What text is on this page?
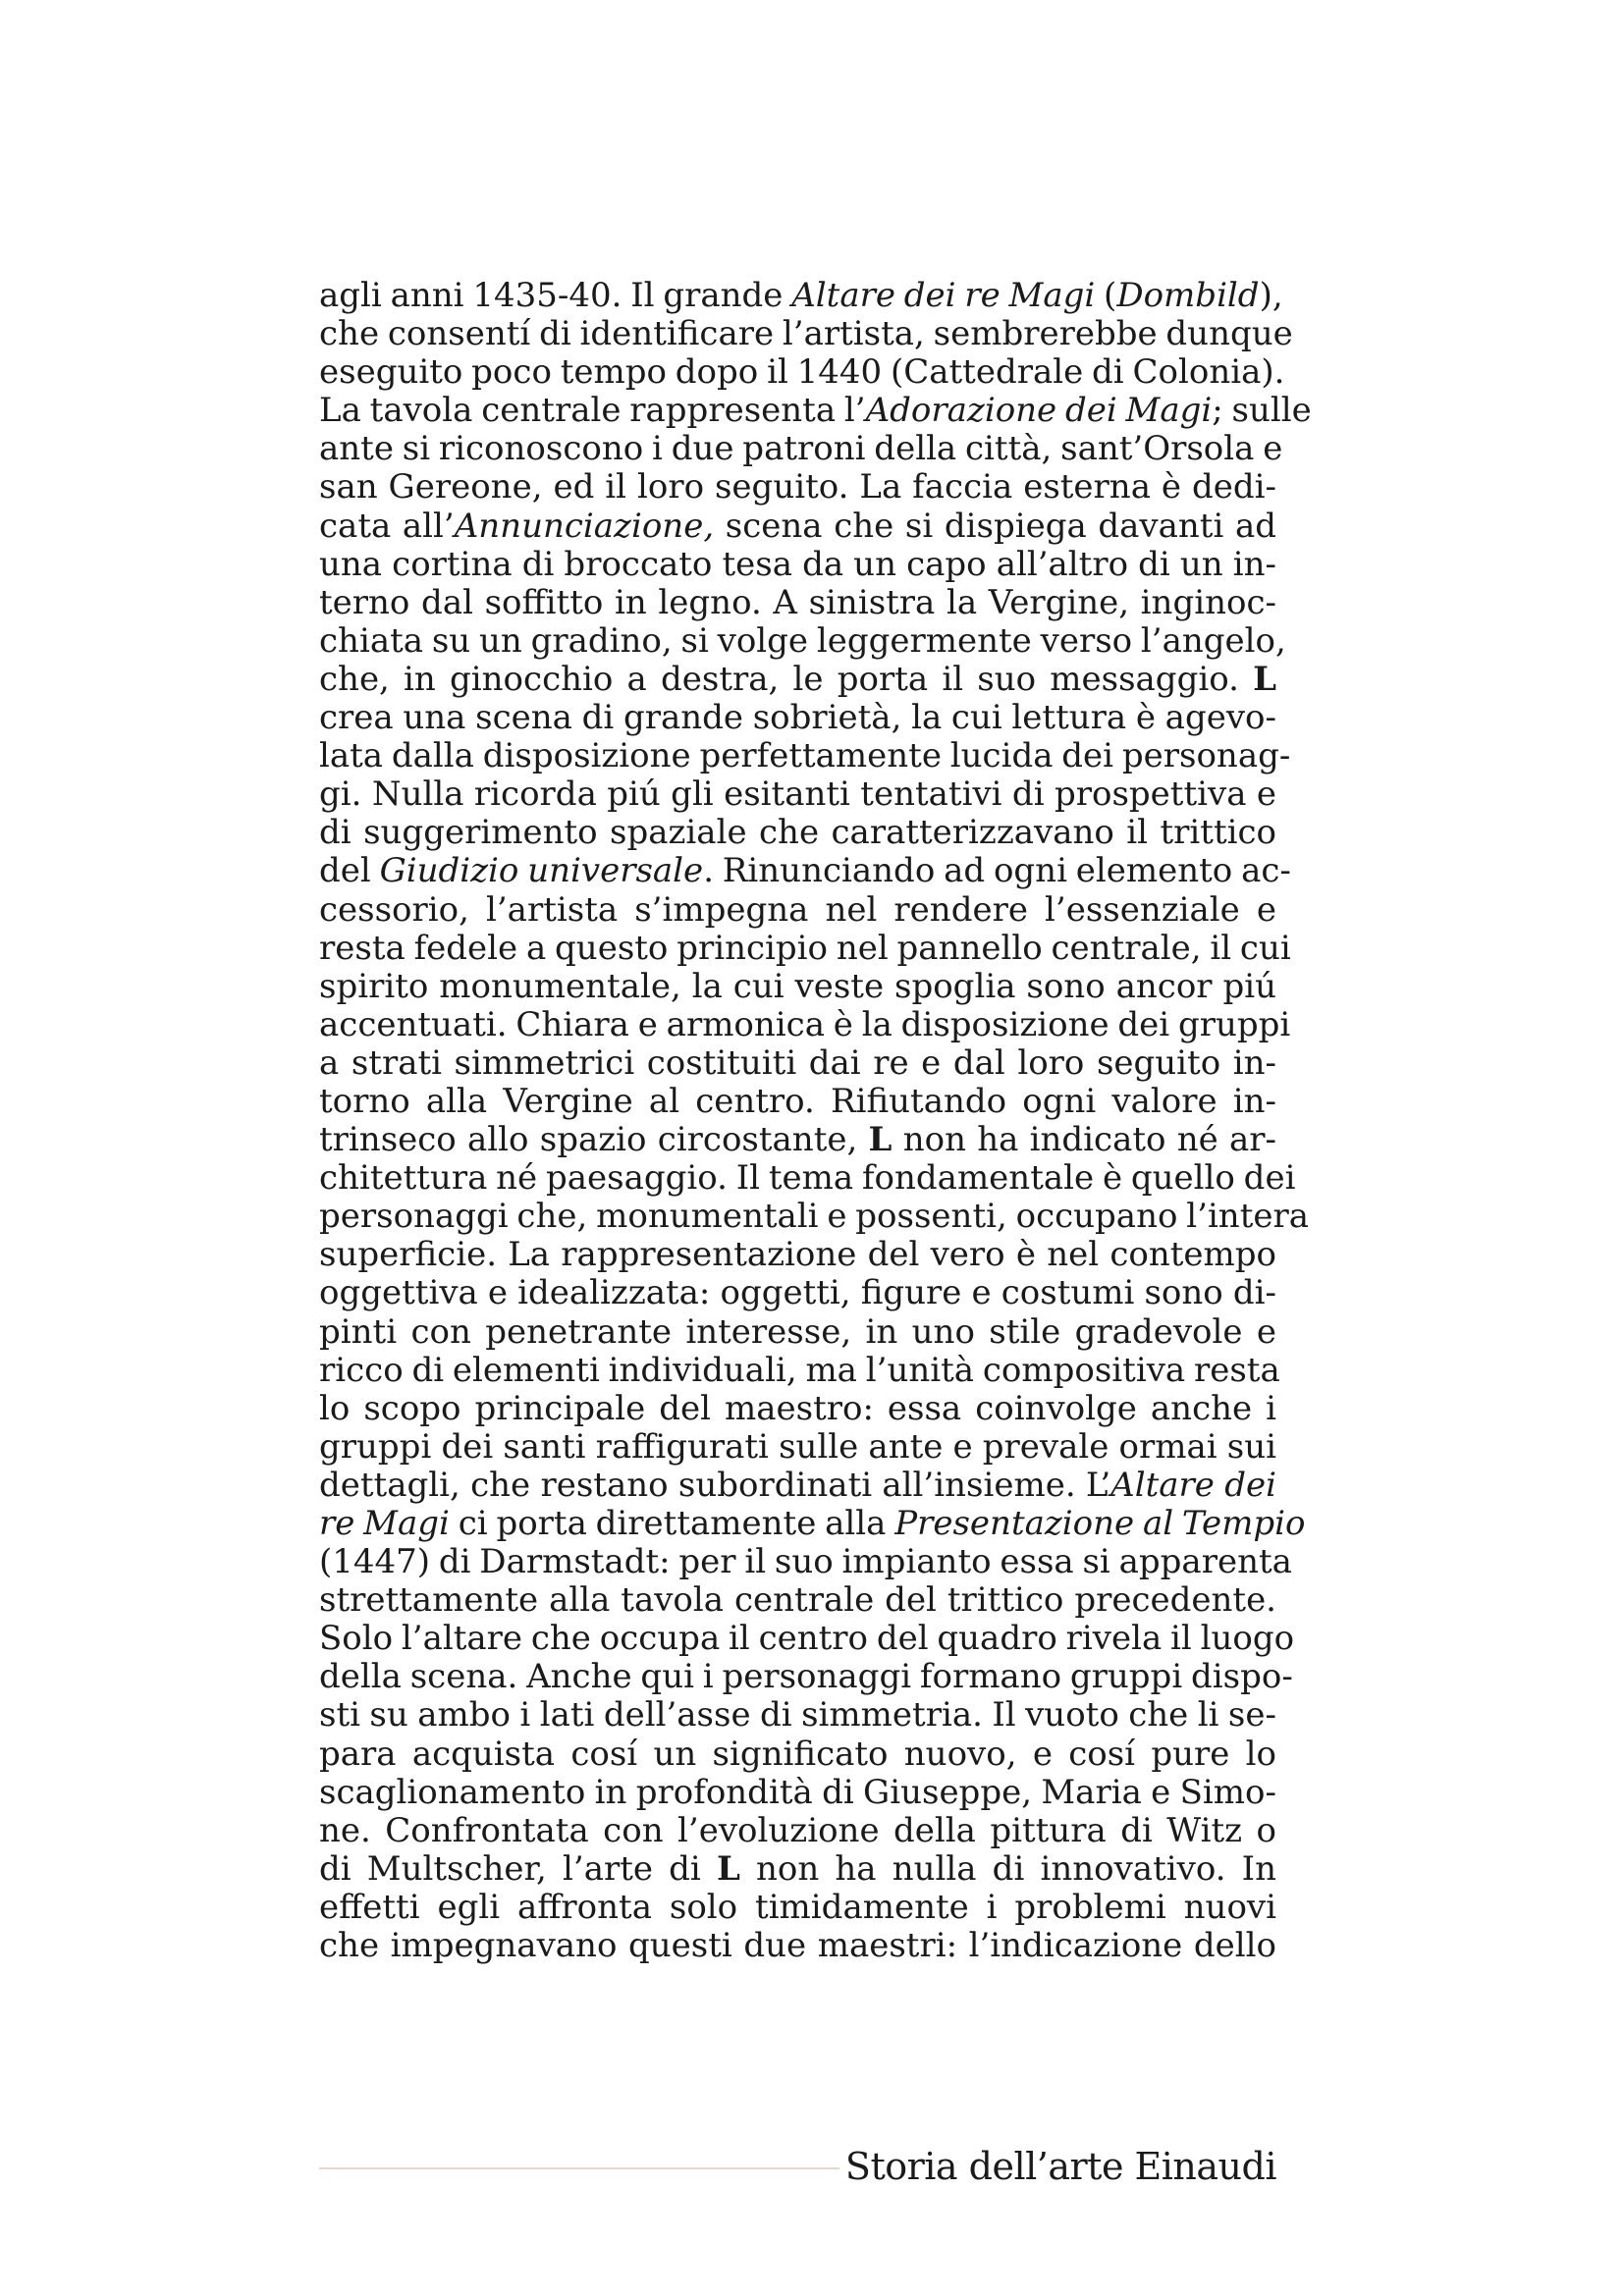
agli anni 1435-40. Il grande Altare dei re Magi (Dombild),
che consentí di identificare l’artista, sembrerebbe dunque
eseguito poco tempo dopo il 1440 (Cattedrale di Colonia).
La tavola centrale rappresenta l’Adorazione dei Magi; sulle
ante si riconoscono i due patroni della città, sant’Orsola e
san Gereone, ed il loro seguito. La faccia esterna è dedi-
cata all’Annunciazione, scena che si dispiega davanti ad
una cortina di broccato tesa da un capo all’altro di un in-
terno dal soffitto in legno. A sinistra la Vergine, inginoc-
chiata su un gradino, si volge leggermente verso l’angelo,
che, in ginocchio a destra, le porta il suo messaggio. L
crea una scena di grande sobrietà, la cui lettura è agevo-
lata dalla disposizione perfettamente lucida dei personag-
gi. Nulla ricorda piú gli esitanti tentativi di prospettiva e
di suggerimento spaziale che caratterizzavano il trittico
del Giudizio universale. Rinunciando ad ogni elemento ac-
cessorio, l’artista s’impegna nel rendere l’essenziale e
resta fedele a questo principio nel pannello centrale, il cui
spirito monumentale, la cui veste spoglia sono ancor piú
accentuati. Chiara e armonica è la disposizione dei gruppi
a strati simmetrici costituiti dai re e dal loro seguito in-
torno alla Vergine al centro. Rifiutando ogni valore in-
trinseco allo spazio circostante, L non ha indicato né ar-
chitettura né paesaggio. Il tema fondamentale è quello dei
personaggi che, monumentali e possenti, occupano l’intera
superficie. La rappresentazione del vero è nel contempo
oggettiva e idealizzata: oggetti, figure e costumi sono di-
pinti con penetrante interesse, in uno stile gradevole e
ricco di elementi individuali, ma l’unità compositiva resta
lo scopo principale del maestro: essa coinvolge anche i
gruppi dei santi raffigurati sulle ante e prevale ormai sui
dettagli, che restano subordinati all’insieme. L’Altare dei
re Magi ci porta direttamente alla Presentazione al Tempio
(1447) di Darmstadt: per il suo impianto essa si apparenta
strettamente alla tavola centrale del trittico precedente.
Solo l’altare che occupa il centro del quadro rivela il luogo
della scena. Anche qui i personaggi formano gruppi dispo-
sti su ambo i lati dell’asse di simmetria. Il vuoto che li se-
para acquista cosí un significato nuovo, e cosí pure lo
scaglionamento in profondità di Giuseppe, Maria e Simo-
ne. Confrontata con l’evoluzione della pittura di Witz o
di Multscher, l’arte di L non ha nulla di innovativo. In
effetti egli affronta solo timidamente i problemi nuovi
che impegnavano questi due maestri: l’indicazione dello
Storia dell’arte Einaudi
